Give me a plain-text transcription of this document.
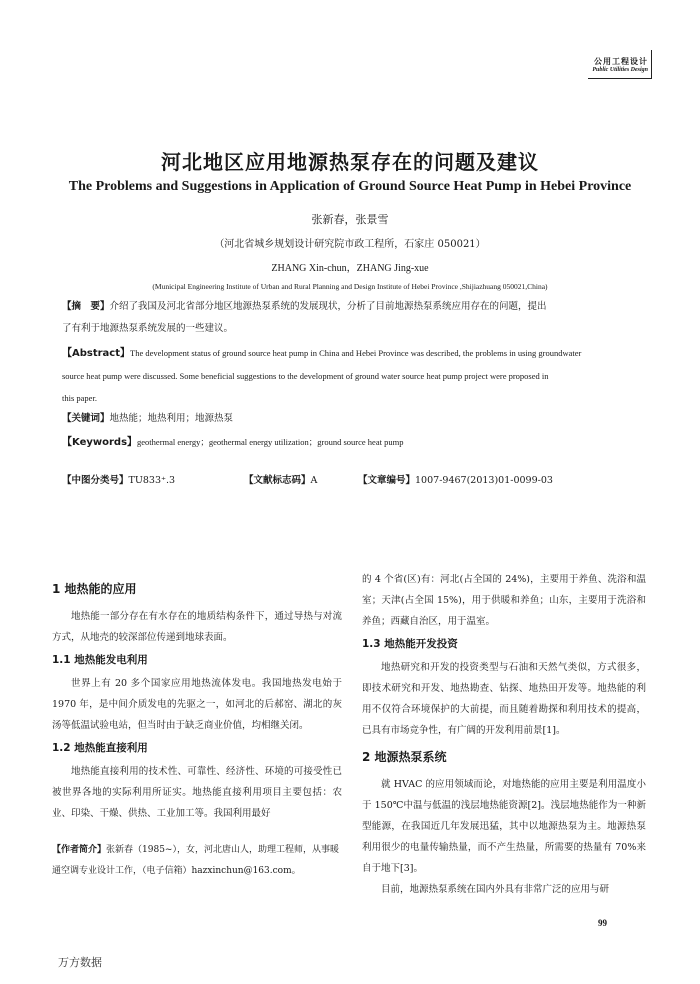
公用工程设计
Public Utilities Design
河北地区应用地源热泵存在的问题及建议
The Problems and Suggestions in Application of Ground Source Heat Pump in Hebei Province
张新春，张景雪
（河北省城乡规划设计研究院市政工程所，石家庄 050021）
ZHANG Xin-chun，ZHANG Jing-xue
(Municipal Engineering Institute of Urban and Rural Planning and Design Institute of Hebei Province ,Shijiazhuang 050021,China)
【摘　要】介绍了我国及河北省部分地区地源热泵系统的发展现状，分析了目前地源热泵系统应用存在的问题，提出
了有利于地源热泵系统发展的一些建议。
【Abstract】The development status of ground source heat pump in China and Hebei Province was described, the problems in using groundwater
source heat pump were discussed. Some beneficial suggestions to the development of ground water source heat pump project were proposed in
this paper.
【关键词】地热能；地热利用；地源热泵
【Keywords】geothermal energy；geothermal energy utilization；ground source heat pump
【中图分类号】TU833⁺.3	【文献标志码】A	【文章编号】1007-9467(2013)01-0099-03
1 地热能的应用

地热能一部分存在有水存在的地质结构条件下，通过导热与对流方式，从地壳的较深部位传递到地球表面。

1.1 地热能发电利用

世界上有 20 多个国家应用地热流体发电。我国地热发电始于 1970 年，是中间介质发电的先驱之一，如河北的后郝窑、湖北的灰汤等低温试验电站，但当时由于缺乏商业价值，均相继关闭。

1.2 地热能直接利用

地热能直接利用的技术性、可靠性、经济性、环境的可接受性已被世界各地的实际利用所证实。地热能直接利用项目主要包括：农业、印染、干燥、供热、工业加工等。我国利用最好

【作者简介】张新春（1985~），女，河北唐山人，助理工程师，从事暖通空调专业设计工作，（电子信箱）hazxinchun@163.com。

的 4 个省(区)有：河北(占全国的 24%)，主要用于养鱼、洗浴和温室；天津(占全国 15%)，用于供暖和养鱼；山东，主要用于洗浴和养鱼；西藏自治区，用于温室。

1.3 地热能开发投资

地热研究和开发的投资类型与石油和天然气类似，方式很多，即技术研究和开发、地热勘查、钻探、地热田开发等。地热能的利用不仅符合环境保护的大前提，而且随着勘探和利用技术的提高，已具有市场竞争性，有广阔的开发利用前景[1]。

2 地源热泵系统

就 HVAC 的应用领域而论，对地热能的应用主要是利用温度小于 150℃中温与低温的浅层地热能资源[2]。浅层地热能作为一种新型能源，在我国近几年发展迅猛，其中以地源热泵为主。地源热泵利用很少的电量传输热量，而不产生热量，所需要的热量有 70%来自于地下[3]。

目前，地源热泵系统在国内外具有非常广泛的应用与研

99
万方数据
